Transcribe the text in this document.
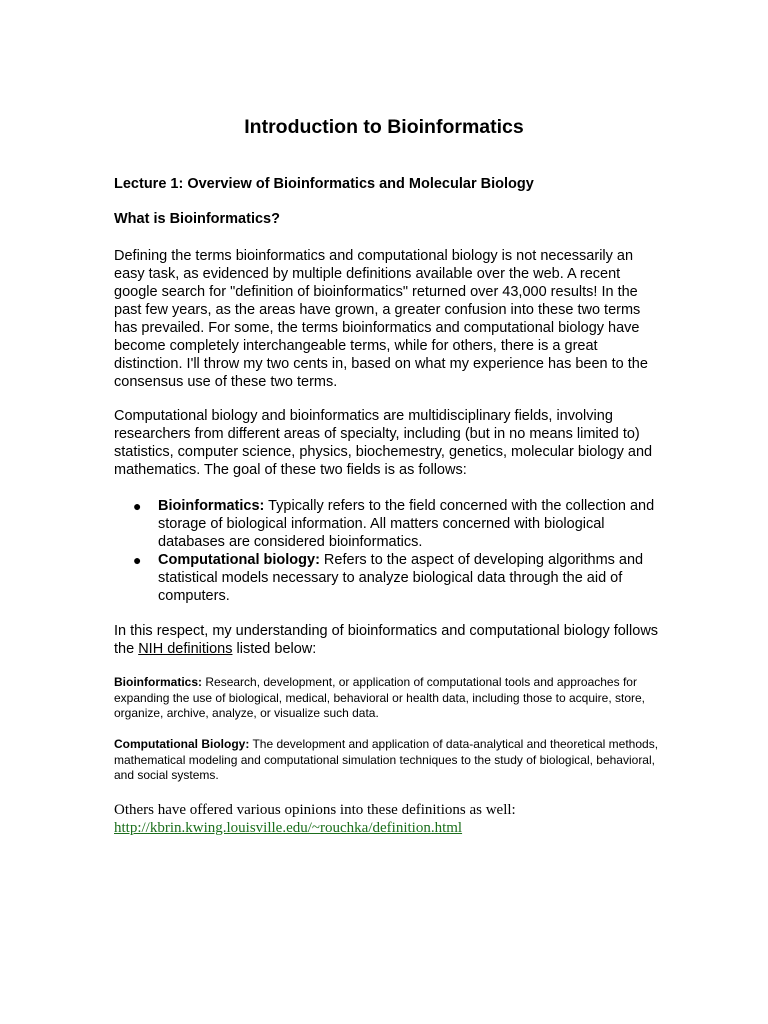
Introduction to Bioinformatics
Lecture 1: Overview of Bioinformatics and Molecular Biology
What is Bioinformatics?

Defining the terms bioinformatics and computational biology is not necessarily an easy task, as evidenced by multiple definitions available over the web. A recent google search for "definition of bioinformatics" returned over 43,000 results! In the past few years, as the areas have grown, a greater confusion into these two terms has prevailed. For some, the terms bioinformatics and computational biology have become completely interchangeable terms, while for others, there is a great distinction. I'll throw my two cents in, based on what my experience has been to the consensus use of these two terms.

Computational biology and bioinformatics are multidisciplinary fields, involving researchers from different areas of specialty, including (but in no means limited to) statistics, computer science, physics, biochemestry, genetics, molecular biology and mathematics. The goal of these two fields is as follows:

● Bioinformatics: Typically refers to the field concerned with the collection and storage of biological information. All matters concerned with biological databases are considered bioinformatics.
● Computational biology: Refers to the aspect of developing algorithms and statistical models necessary to analyze biological data through the aid of computers.

In this respect, my understanding of bioinformatics and computational biology follows the NIH definitions listed below:

Bioinformatics: Research, development, or application of computational tools and approaches for expanding the use of biological, medical, behavioral or health data, including those to acquire, store, organize, archive, analyze, or visualize such data.

Computational Biology: The development and application of data-analytical and theoretical methods, mathematical modeling and computational simulation techniques to the study of biological, behavioral, and social systems.

Others have offered various opinions into these definitions as well:
http://kbrin.kwing.louisville.edu/~rouchka/definition.html
